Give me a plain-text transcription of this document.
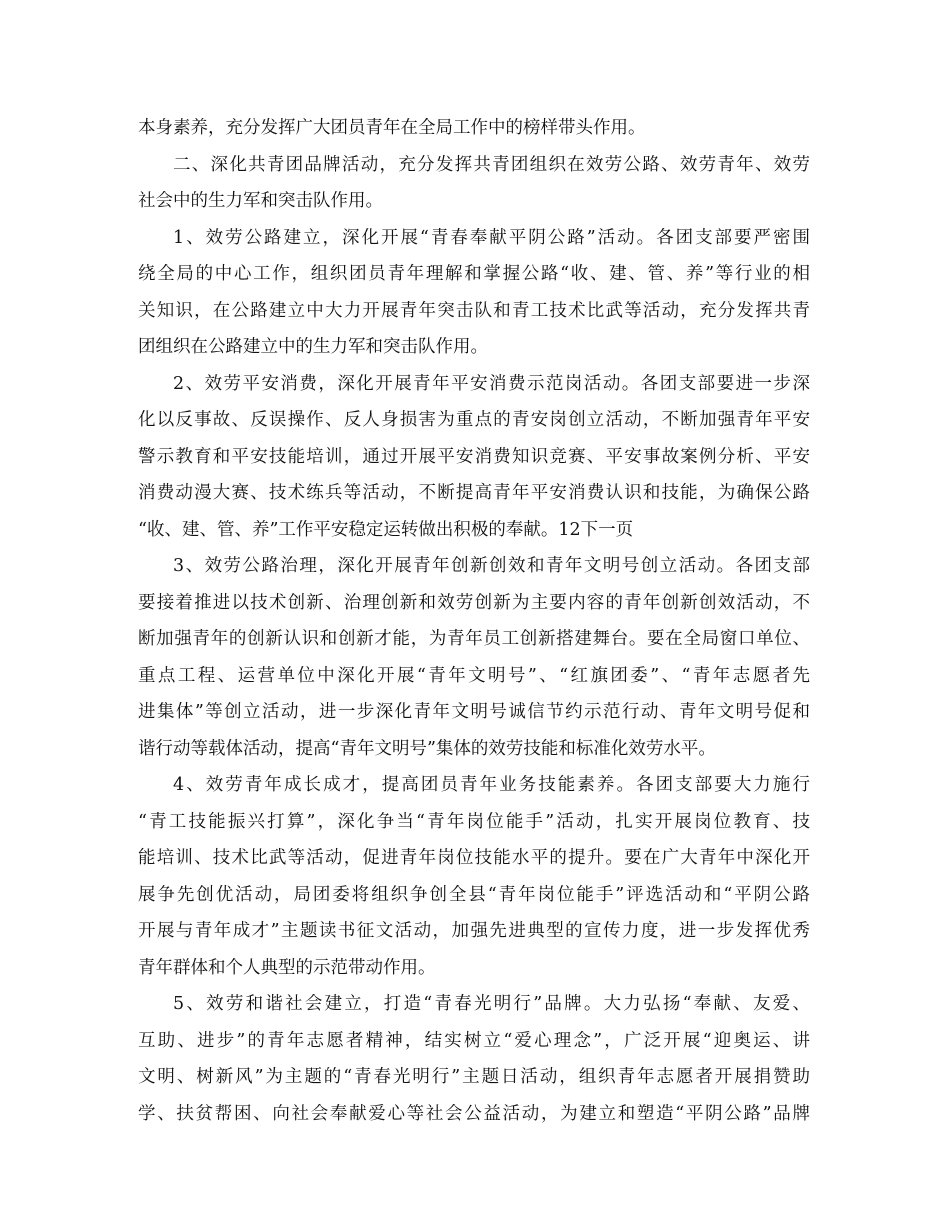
本身素养，充分发挥广大团员青年在全局工作中的榜样带头作用。
二、深化共青团品牌活动，充分发挥共青团组织在效劳公路、效劳青年、效劳
社会中的生力军和突击队作用。
1、效劳公路建立，深化开展“青春奉献平阴公路”活动。各团支部要严密围
绕全局的中心工作，组织团员青年理解和掌握公路“收、建、管、养”等行业的相
关知识，在公路建立中大力开展青年突击队和青工技术比武等活动，充分发挥共青
团组织在公路建立中的生力军和突击队作用。
2、效劳平安消费，深化开展青年平安消费示范岗活动。各团支部要进一步深
化以反事故、反误操作、反人身损害为重点的青安岗创立活动，不断加强青年平安
警示教育和平安技能培训，通过开展平安消费知识竞赛、平安事故案例分析、平安
消费动漫大赛、技术练兵等活动，不断提高青年平安消费认识和技能，为确保公路
“收、建、管、养”工作平安稳定运转做出积极的奉献。12下一页
3、效劳公路治理，深化开展青年创新创效和青年文明号创立活动。各团支部
要接着推进以技术创新、治理创新和效劳创新为主要内容的青年创新创效活动，不
断加强青年的创新认识和创新才能，为青年员工创新搭建舞台。要在全局窗口单位、
重点工程、运营单位中深化开展“青年文明号”、“红旗团委”、“青年志愿者先
进集体”等创立活动，进一步深化青年文明号诚信节约示范行动、青年文明号促和
谐行动等载体活动，提高“青年文明号”集体的效劳技能和标准化效劳水平。
4、效劳青年成长成才，提高团员青年业务技能素养。各团支部要大力施行
“青工技能振兴打算”，深化争当“青年岗位能手”活动，扎实开展岗位教育、技
能培训、技术比武等活动，促进青年岗位技能水平的提升。要在广大青年中深化开
展争先创优活动，局团委将组织争创全县“青年岗位能手”评选活动和“平阴公路
开展与青年成才”主题读书征文活动，加强先进典型的宣传力度，进一步发挥优秀
青年群体和个人典型的示范带动作用。
5、效劳和谐社会建立，打造“青春光明行”品牌。大力弘扬“奉献、友爱、
互助、进步”的青年志愿者精神，结实树立“爱心理念”，广泛开展“迎奥运、讲
文明、树新风”为主题的“青春光明行”主题日活动，组织青年志愿者开展捐赞助
学、扶贫帮困、向社会奉献爱心等社会公益活动，为建立和塑造“平阴公路”品牌
